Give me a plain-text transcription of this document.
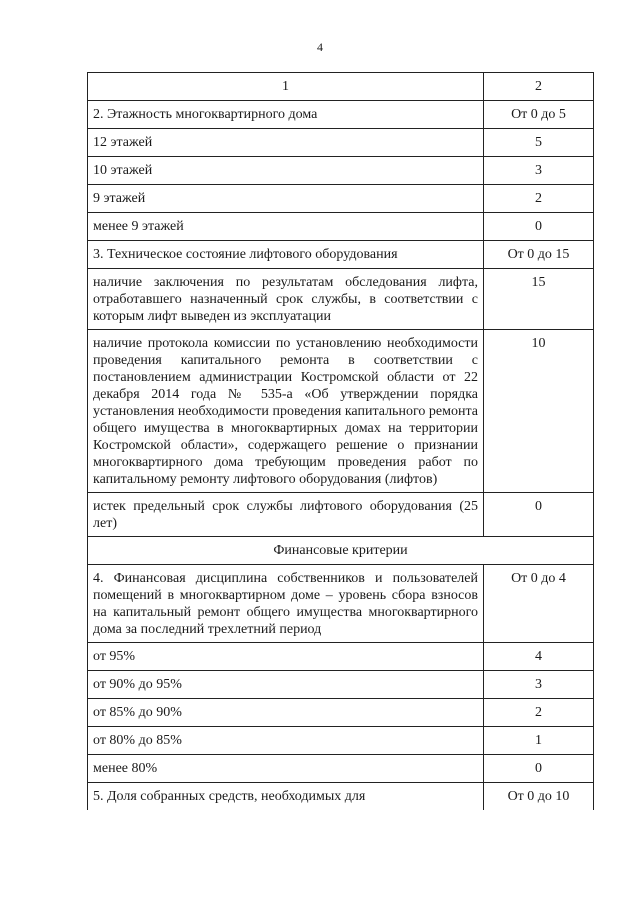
4
1	2
2. Этажность многоквартирного дома	От 0 до 5
12 этажей	5
10 этажей	3
9 этажей	2
менее 9 этажей	0
3. Техническое состояние лифтового оборудования	От 0 до 15
наличие заключения по результатам обследования лифта, отработавшего назначенный срок службы, в соответствии с которым лифт выведен из эксплуатации	15
наличие протокола комиссии по установлению необходимости проведения капитального ремонта в соответствии с постановлением администрации Костромской области от 22 декабря 2014 года № 535-а «Об утверждении порядка установления необходимости проведения капитального ремонта общего имущества в многоквартирных домах на территории Костромской области», содержащего решение о признании многоквартирного дома требующим проведения работ по капитальному ремонту лифтового оборудования (лифтов)	10
истек предельный срок службы лифтового оборудования (25 лет)	0
Финансовые критерии	
4. Финансовая дисциплина собственников и пользователей помещений в многоквартирном доме – уровень сбора взносов на капитальный ремонт общего имущества многоквартирного дома за последний трехлетний период	От 0 до 4
от 95%	4
от 90% до 95%	3
от 85% до 90%	2
от 80% до 85%	1
менее 80%	0
5. Доля собранных средств, необходимых для	От 0 до 10
